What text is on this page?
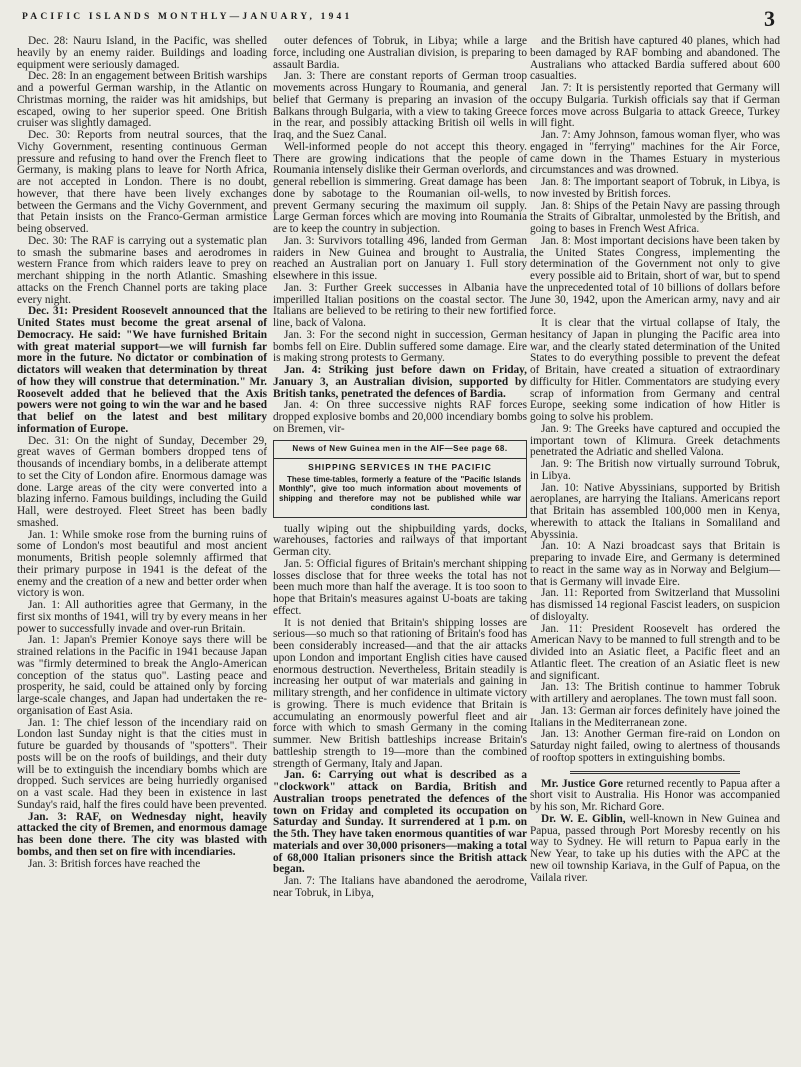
PACIFIC ISLANDS MONTHLY—JANUARY, 1941	3

Dec. 28: Nauru Island, in the Pacific, was shelled heavily by an enemy raider. Buildings and loading equipment were seriously damaged.

Dec. 28: In an engagement between British warships and a powerful German warship, in the Atlantic on Christmas morning, the raider was hit amidships, but escaped, owing to her superior speed. One British cruiser was slightly damaged.

Dec. 30: Reports from neutral sources, that the Vichy Government, resenting continuous German pressure and refusing to hand over the French fleet to Germany, is making plans to leave for North Africa, are not accepted in London. There is no doubt, however, that there have been lively exchanges between the Germans and the Vichy Government, and that Petain insists on the Franco-German armistice being observed.

Dec. 30: The RAF is carrying out a systematic plan to smash the submarine bases and aerodromes in western France from which raiders leave to prey on merchant shipping in the north Atlantic. Smashing attacks on the French Channel ports are taking place every night.

Dec. 31: President Roosevelt announced that the United States must become the great arsenal of Democracy. He said: "We have furnished Britain with great material support—we will furnish far more in the future. No dictator or combination of dictators will weaken that determination by threat of how they will construe that determination." Mr. Roosevelt added that he believed that the Axis powers were not going to win the war and he based that belief on the latest and best military information of Europe.

Dec. 31: On the night of Sunday, December 29, great waves of German bombers dropped tens of thousands of incendiary bombs, in a deliberate attempt to set the City of London afire. Enormous damage was done. Large areas of the city were converted into a blazing inferno. Famous buildings, including the Guild Hall, were destroyed. Fleet Street has been badly smashed.

Jan. 1: While smoke rose from the burning ruins of some of London's most beautiful and most ancient monuments, British people solemnly affirmed that their primary purpose in 1941 is the defeat of the enemy and the creation of a new and better order when victory is won.

Jan. 1: All authorities agree that Germany, in the first six months of 1941, will try by every means in her power to successfully invade and over-run Britain.

Jan. 1: Japan's Premier Konoye says there will be strained relations in the Pacific in 1941 because Japan was "firmly determined to break the Anglo-American conception of the status quo". Lasting peace and prosperity, he said, could be attained only by forcing large-scale changes, and Japan had undertaken the re-organisation of East Asia.

Jan. 1: The chief lesson of the incendiary raid on London last Sunday night is that the cities must in future be guarded by thousands of "spotters". Their posts will be on the roofs of buildings, and their duty will be to extinguish the incendiary bombs which are dropped. Such services are being hurriedly organised on a vast scale. Had they been in existence in last Sunday's raid, half the fires could have been prevented.

Jan. 3: RAF, on Wednesday night, heavily attacked the city of Bremen, and enormous damage has been done there. The city was blasted with bombs, and then set on fire with incendiaries.

Jan. 3: British forces have reached the

outer defences of Tobruk, in Libya; while a large force, including one Australian division, is preparing to assault Bardia.

Jan. 3: There are constant reports of German troop movements across Hungary to Roumania, and general belief that Germany is preparing an invasion of the Balkans through Bulgaria, with a view to taking Greece in the rear, and possibly attacking British oil wells in Iraq, and the Suez Canal.

Well-informed people do not accept this theory. There are growing indications that the people of Roumania intensely dislike their German overlords, and general rebellion is simmering. Great damage has been done by sabotage to the Roumanian oil-wells, to prevent Germany securing the maximum oil supply. Large German forces which are moving into Roumania are to keep the country in subjection.

Jan. 3: Survivors totalling 496, landed from German raiders in New Guinea and brought to Australia, reached an Australian port on January 1. Full story elsewhere in this issue.

Jan. 3: Further Greek successes in Albania have imperilled Italian positions on the coastal sector. The Italians are believed to be retiring to their new fortified line, back of Valona.

Jan. 3: For the second night in succession, German bombs fell on Eire. Dublin suffered some damage. Eire is making strong protests to Germany.

Jan. 4: Striking just before dawn on Friday, January 3, an Australian division, supported by British tanks, penetrated the defences of Bardia.

Jan. 4: On three successive nights RAF forces dropped explosive bombs and 20,000 incendiary bombs on Bremen, vir-

News of New Guinea men in the AIF—See page 68.
SHIPPING SERVICES IN THE PACIFIC
These time-tables, formerly a feature of the "Pacific Islands Monthly", give too much information about movements of shipping and therefore may not be published while war conditions last.

tually wiping out the shipbuilding yards, docks, warehouses, factories and railways of that important German city.

Jan. 5: Official figures of Britain's merchant shipping losses disclose that for three weeks the total has not been much more than half the average. It is too soon to hope that Britain's measures against U-boats are taking effect.

It is not denied that Britain's shipping losses are serious—so much so that rationing of Britain's food has been considerably increased—and that the air attacks upon London and important English cities have caused enormous destruction. Nevertheless, Britain steadily is increasing her output of war materials and gaining in military strength, and her confidence in ultimate victory is growing. There is much evidence that Britain is accumulating an enormously powerful fleet and air force with which to smash Germany in the coming summer. New British battleships increase Britain's battleship strength to 19—more than the combined strength of Germany, Italy and Japan.

Jan. 6: Carrying out what is described as a "clockwork" attack on Bardia, British and Australian troops penetrated the defences of the town on Friday and completed its occupation on Saturday and Sunday. It surrendered at 1 p.m. on the 5th. They have taken enormous quantities of war materials and over 30,000 prisoners—making a total of 68,000 Italian prisoners since the British attack began.

Jan. 7: The Italians have abandoned the aerodrome, near Tobruk, in Libya,

and the British have captured 40 planes, which had been damaged by RAF bombing and abandoned. The Australians who attacked Bardia suffered about 600 casualties.

Jan. 7: It is persistently reported that Germany will occupy Bulgaria. Turkish officials say that if German forces move across Bulgaria to attack Greece, Turkey will fight.

Jan. 7: Amy Johnson, famous woman flyer, who was engaged in "ferrying" machines for the Air Force, came down in the Thames Estuary in mysterious circumstances and was drowned.

Jan. 8: The important seaport of Tobruk, in Libya, is now invested by British forces.

Jan. 8: Ships of the Petain Navy are passing through the Straits of Gibraltar, unmolested by the British, and going to bases in French West Africa.

Jan. 8: Most important decisions have been taken by the United States Congress, implementing the determination of the Government not only to give every possible aid to Britain, short of war, but to spend the unprecedented total of 10 billions of dollars before June 30, 1942, upon the American army, navy and air force.

It is clear that the virtual collapse of Italy, the hesitancy of Japan in plunging the Pacific area into war, and the clearly stated determination of the United States to do everything possible to prevent the defeat of Britain, have created a situation of extraordinary difficulty for Hitler. Commentators are studying every scrap of information from Germany and central Europe, seeking some indication of how Hitler is going to solve his problem.

Jan. 9: The Greeks have captured and occupied the important town of Klimura. Greek detachments penetrated the Adriatic and shelled Valona.

Jan. 9: The British now virtually surround Tobruk, in Libya.

Jan. 10: Native Abyssinians, supported by British aeroplanes, are harrying the Italians. Americans report that Britain has assembled 100,000 men in Kenya, wherewith to attack the Italians in Somaliland and Abyssinia.

Jan. 10: A Nazi broadcast says that Britain is preparing to invade Eire, and Germany is determined to react in the same way as in Norway and Belgium—that is Germany will invade Eire.

Jan. 11: Reported from Switzerland that Mussolini has dismissed 14 regional Fascist leaders, on suspicion of disloyalty.

Jan. 11: President Roosevelt has ordered the American Navy to be manned to full strength and to be divided into an Asiatic fleet, a Pacific fleet and an Atlantic fleet. The creation of an Asiatic fleet is new and significant.

Jan. 13: The British continue to hammer Tobruk with artillery and aeroplanes. The town must fall soon.

Jan. 13: German air forces definitely have joined the Italians in the Mediterranean zone.

Jan. 13: Another German fire-raid on London on Saturday night failed, owing to alertness of thousands of rooftop spotters in extinguishing bombs.

Mr. Justice Gore returned recently to Papua after a short visit to Australia. His Honor was accompanied by his son, Mr. Richard Gore.

Dr. W. E. Giblin, well-known in New Guinea and Papua, passed through Port Moresby recently on his way to Sydney. He will return to Papua early in the New Year, to take up his duties with the APC at the new oil township Kariava, in the Gulf of Papua, on the Vailala river.
